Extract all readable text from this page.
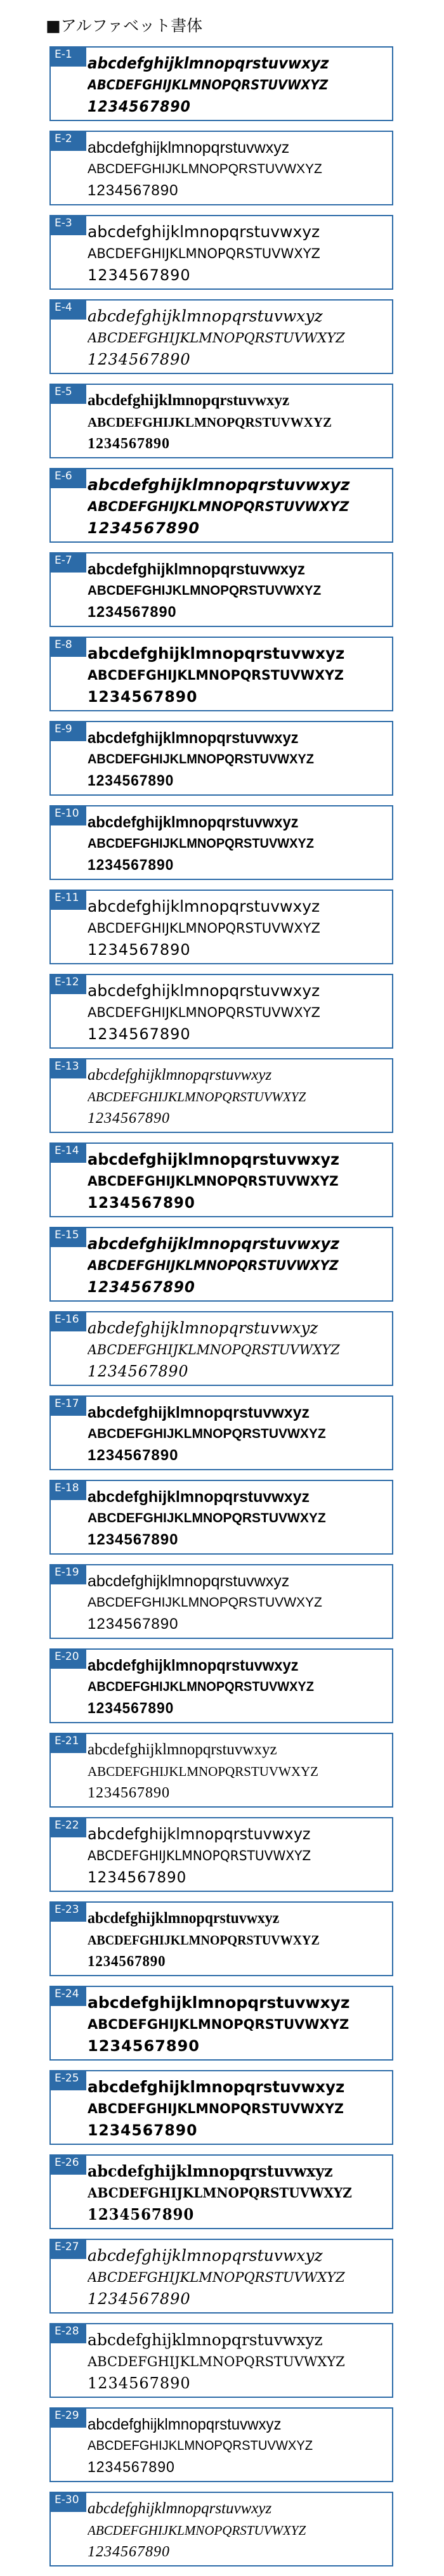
■アルファベット書体
E-1 abcdefghijklmnopqrstuvwxyz
ABCDEFGHIJKLMNOPQRSTUVWXYZ
1234567890
E-2 abcdefghijklmnopqrstuvwxyz
ABCDEFGHIJKLMNOPQRSTUVWXYZ
1234567890
E-3 abcdefghijklmnopqrstuvwxyz
ABCDEFGHIJKLMNOPQRSTUVWXYZ
1234567890
E-4 abcdefghijklmnopqrstuvwxyz
ABCDEFGHIJKLMNOPQRSTUVWXYZ
1234567890
E-5 abcdefghijklmnopqrstuvwxyz
ABCDEFGHIJKLMNOPQRSTUVWXYZ
1234567890
E-6 abcdefghijklmnopqrstuvwxyz
ABCDEFGHIJKLMNOPQRSTUVWXYZ
1234567890
E-7 abcdefghijklmnopqrstuvwxyz
ABCDEFGHIJKLMNOPQRSTUVWXYZ
1234567890
E-8 abcdefghijklmnopqrstuvwxyz
ABCDEFGHIJKLMNOPQRSTUVWXYZ
1234567890
E-9 abcdefghijklmnopqrstuvwxyz
ABCDEFGHIJKLMNOPQRSTUVWXYZ
1234567890
E-10 abcdefghijklmnopqrstuvwxyz
ABCDEFGHIJKLMNOPQRSTUVWXYZ
1234567890
E-11 abcdefghijklmnopqrstuvwxyz
ABCDEFGHIJKLMNOPQRSTUVWXYZ
1234567890
E-12 abcdefghijklmnopqrstuvwxyz
ABCDEFGHIJKLMNOPQRSTUVWXYZ
1234567890
E-13 abcdefghijklmnopqrstuvwxyz
ABCDEFGHIJKLMNOPQRSTUVWXYZ
1234567890
E-14 abcdefghijklmnopqrstuvwxyz
ABCDEFGHIJKLMNOPQRSTUVWXYZ
1234567890
E-15 abcdefghijklmnopqrstuvwxyz
ABCDEFGHIJKLMNOPQRSTUVWXYZ
1234567890
E-16 abcdefghijklmnopqrstuvwxyz
ABCDEFGHIJKLMNOPQRSTUVWXYZ
1234567890
E-17 abcdefghijklmnopqrstuvwxyz
ABCDEFGHIJKLMNOPQRSTUVWXYZ
1234567890
E-18 abcdefghijklmnopqrstuvwxyz
ABCDEFGHIJKLMNOPQRSTUVWXYZ
1234567890
E-19 abcdefghijklmnopqrstuvwxyz
ABCDEFGHIJKLMNOPQRSTUVWXYZ
1234567890
E-20 abcdefghijklmnopqrstuvwxyz
ABCDEFGHIJKLMNOPQRSTUVWXYZ
1234567890
E-21 abcdefghijklmnopqrstuvwxyz
ABCDEFGHIJKLMNOPQRSTUVWXYZ
1234567890
E-22 abcdefghijklmnopqrstuvwxyz
ABCDEFGHIJKLMNOPQRSTUVWXYZ
1234567890
E-23 abcdefghijklmnopqrstuvwxyz
ABCDEFGHIJKLMNOPQRSTUVWXYZ
1234567890
E-24 abcdefghijklmnopqrstuvwxyz
ABCDEFGHIJKLMNOPQRSTUVWXYZ
1234567890
E-25 abcdefghijklmnopqrstuvwxyz
ABCDEFGHIJKLMNOPQRSTUVWXYZ
1234567890
E-26 abcdefghijklmnopqrstuvwxyz
ABCDEFGHIJKLMNOPQRSTUVWXYZ
1234567890
E-27 abcdefghijklmnopqrstuvwxyz
ABCDEFGHIJKLMNOPQRSTUVWXYZ
1234567890
E-28 abcdefghijklmnopqrstuvwxyz
ABCDEFGHIJKLMNOPQRSTUVWXYZ
1234567890
E-29 abcdefghijklmnopqrstuvwxyz
ABCDEFGHIJKLMNOPQRSTUVWXYZ
1234567890
E-30 abcdefghijklmnopqrstuvwxyz
ABCDEFGHIJKLMNOPQRSTUVWXYZ
1234567890
